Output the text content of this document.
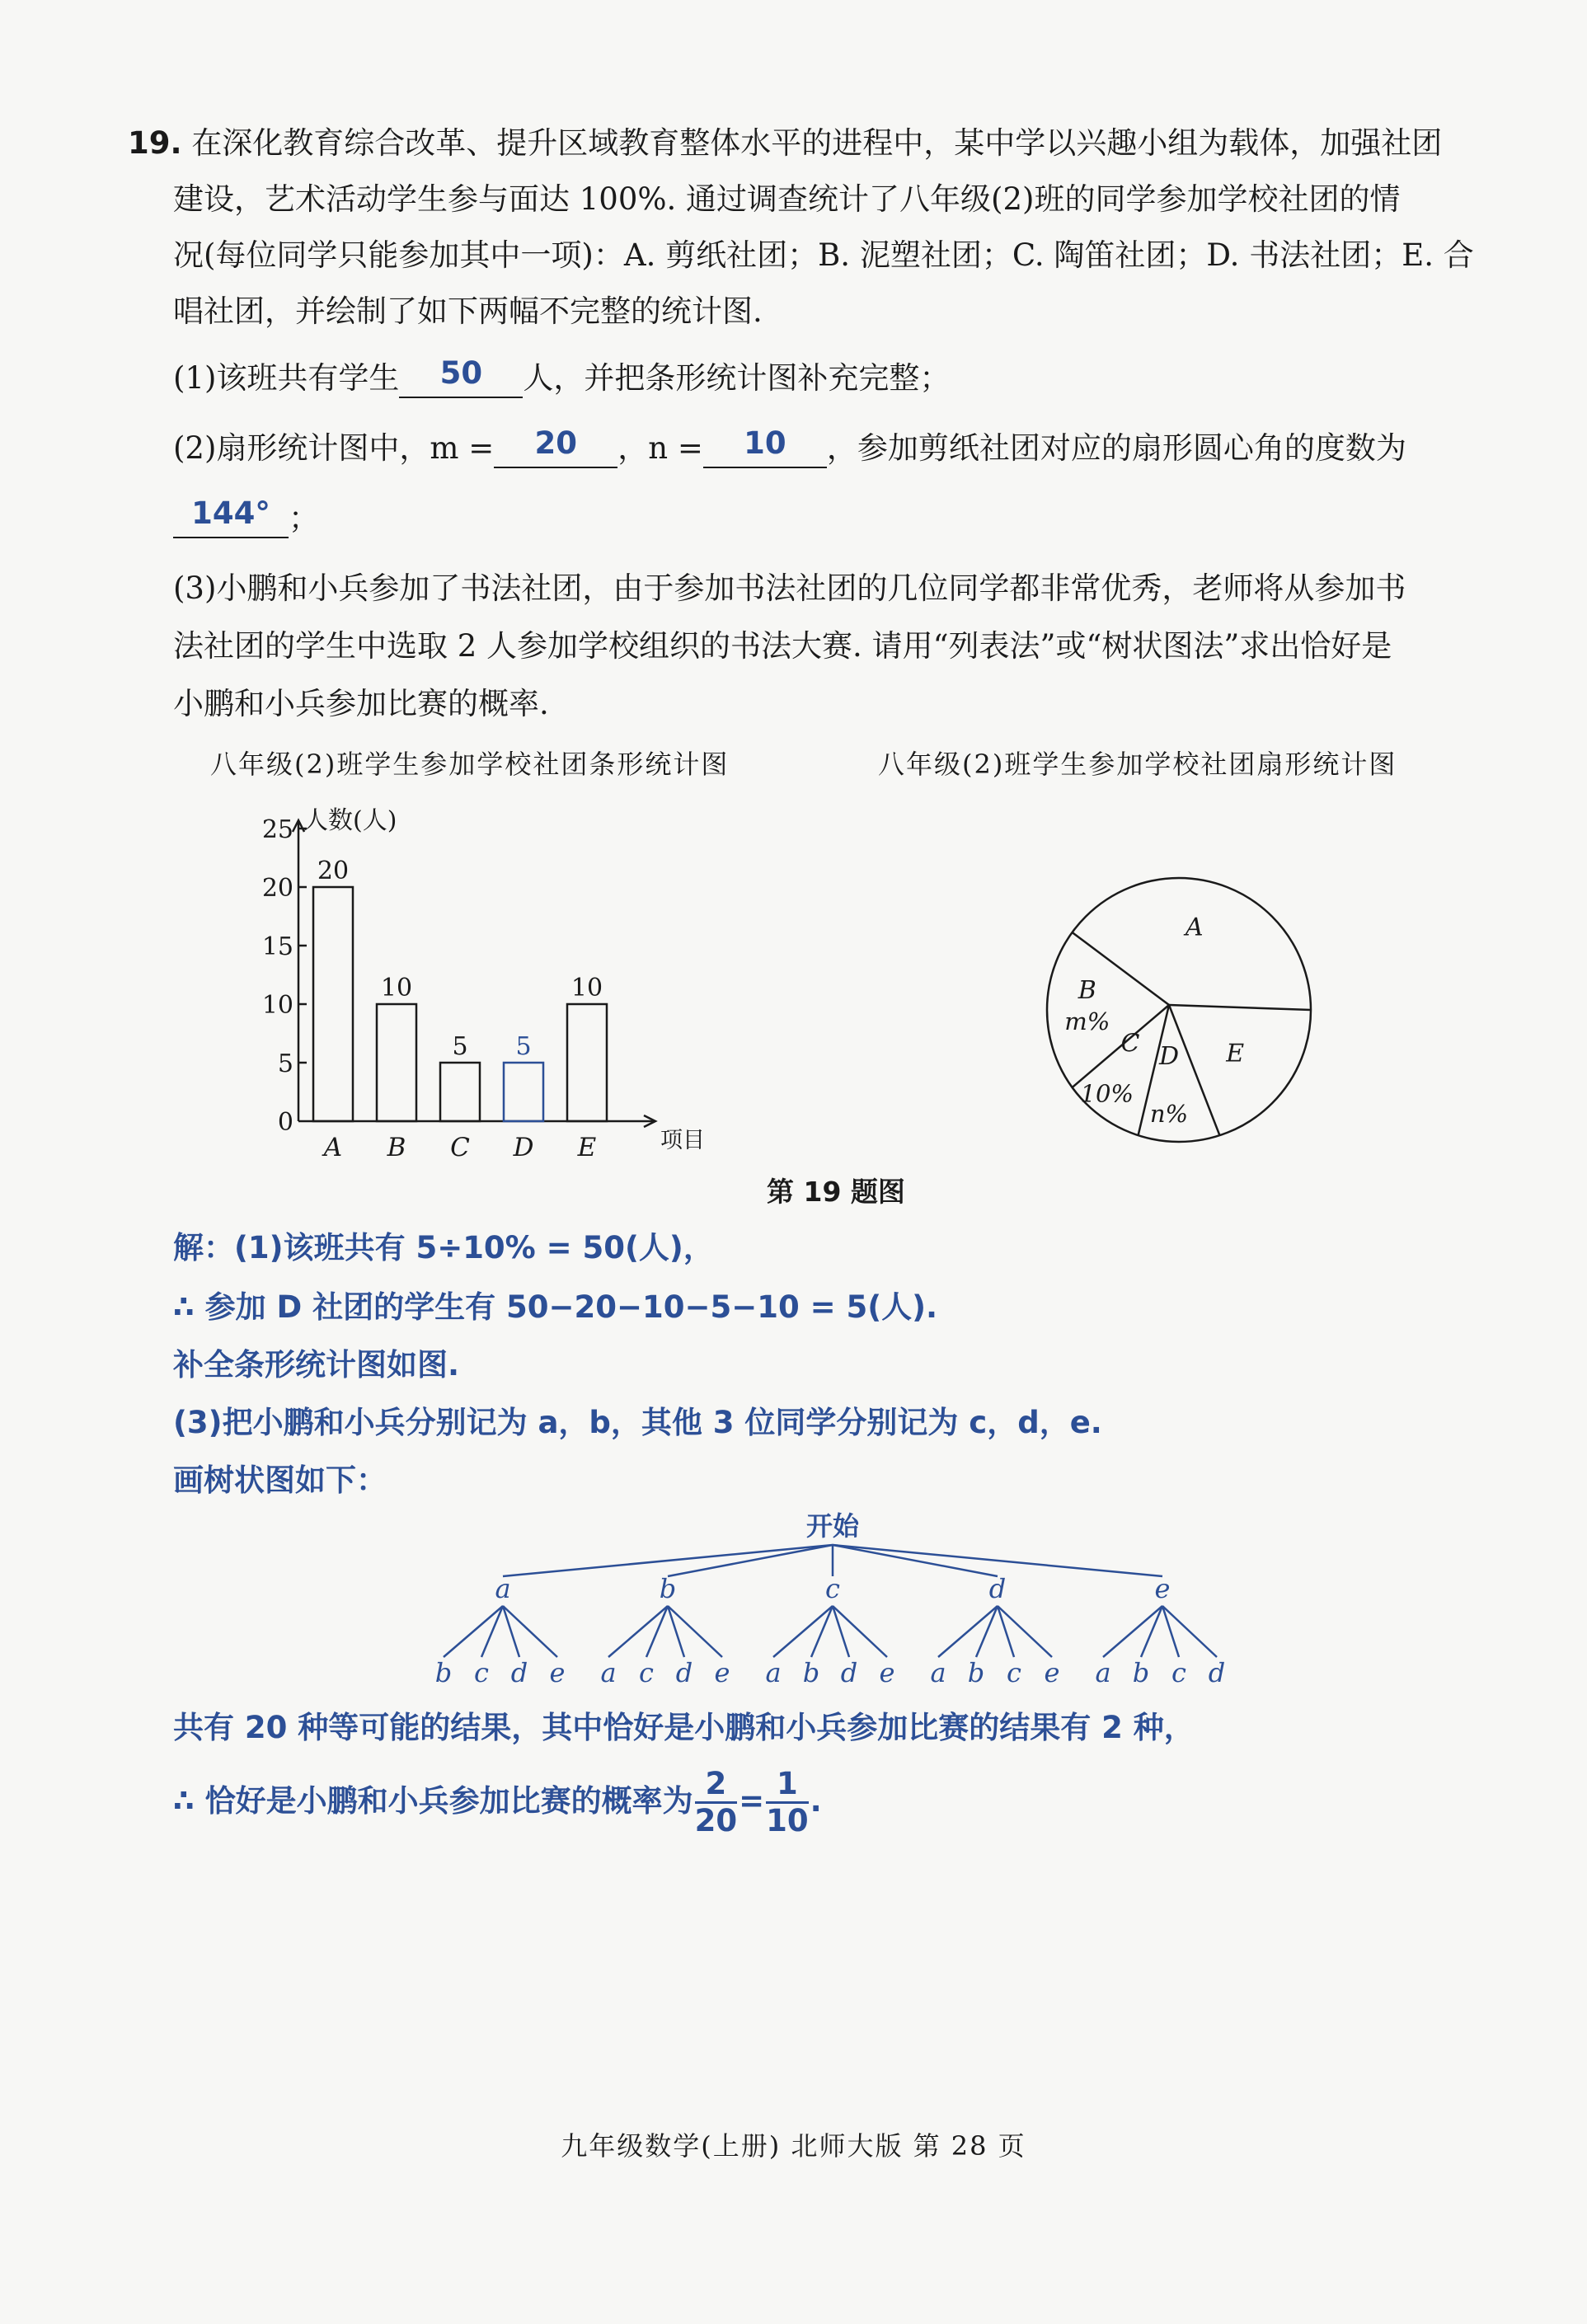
19. 在深化教育综合改革、提升区域教育整体水平的进程中，某中学以兴趣小组为载体，加强社团
建设，艺术活动学生参与面达 100%. 通过调查统计了八年级(2)班的同学参加学校社团的情
况(每位同学只能参加其中一项)：A. 剪纸社团；B. 泥塑社团；C. 陶笛社团；D. 书法社团；E. 合
唱社团，并绘制了如下两幅不完整的统计图.
(1)该班共有学生 50 人，并把条形统计图补充完整；
(2)扇形统计图中，m = 20 ，n = 10 ，参加剪纸社团对应的扇形圆心角的度数为
144° ；
(3)小鹏和小兵参加了书法社团，由于参加书法社团的几位同学都非常优秀，老师将从参加书
法社团的学生中选取 2 人参加学校组织的书法大赛. 请用“列表法”或“树状图法”求出恰好是
小鹏和小兵参加比赛的概率.
八年级(2)班学生参加学校社团条形统计图	八年级(2)班学生参加学校社团扇形统计图
人数(人)
项目
0
5
10
15
20
25
20
A
10
B
5
C
5
D
10
E
A
B
m%
C
10%
D
n%
E
第 19 题图
解：(1)该班共有 5÷10% = 50(人)，
∴ 参加 D 社团的学生有 50−20−10−5−10 = 5(人).
补全条形统计图如图.
(3)把小鹏和小兵分别记为 a，b，其他 3 位同学分别记为 c，d，e.
画树状图如下：
开始
a
b c d e
b
a c d e
c
a b d e
d
a b c e
e
a b c d
共有 20 种等可能的结果，其中恰好是小鹏和小兵参加比赛的结果有 2 种，
∴ 恰好是小鹏和小兵参加比赛的概率为 $\frac{2}{20} = \frac{1}{10}$ .
九年级数学(上册) 北师大版 第 28 页
